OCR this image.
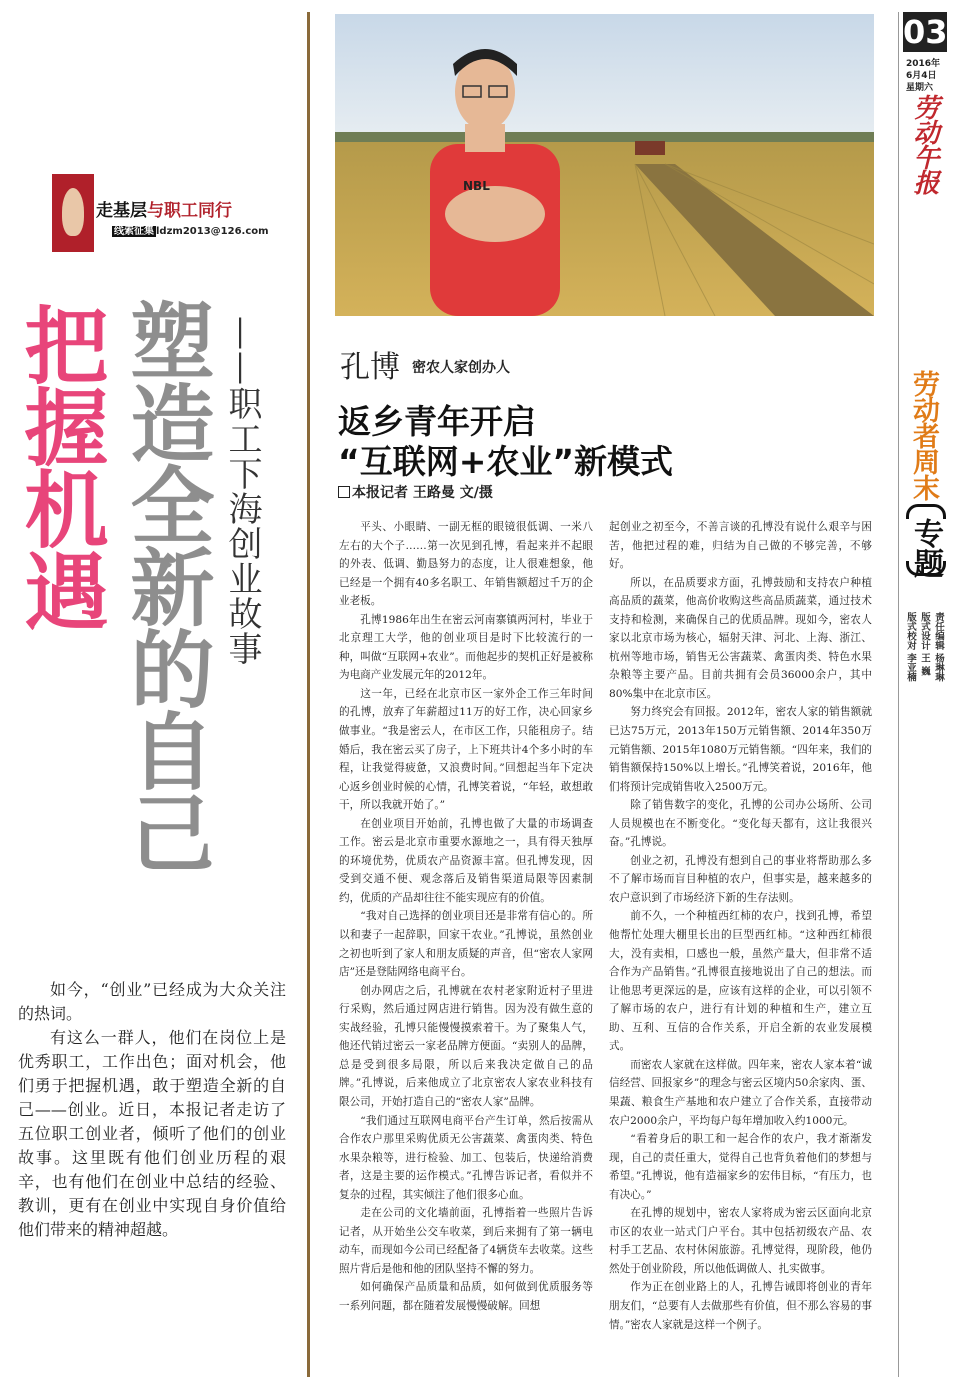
走基层与职工同行
线索征集 ldzm2013@126.com
把握机遇 塑造全新的自己 ——职工下海创业故事

如今，“创业”已经成为大众关注的热词。

有这么一群人，他们在岗位上是优秀职工，工作出色；面对机会，他们勇于把握机遇，敢于塑造全新的自己——创业。近日，本报记者走访了五位职工创业者，倾听了他们的创业故事。这里既有他们创业历程的艰辛，也有他们在创业中总结的经验、教训，更有在创业中实现自身价值给他们带来的精神超越。

NBL
孔博 密农人家创办人
返乡青年开启
“互联网+农业”新模式
本报记者 王路曼 文/摄

平头、小眼睛、一副无框的眼镜很低调、一米八左右的大个子……第一次见到孔博，看起来并不起眼的外表、低调、勤恳努力的态度，让人很难想象，他已经是一个拥有40多名职工、年销售额超过千万的企业老板。

孔博1986年出生在密云河南寨镇两河村，毕业于北京理工大学，他的创业项目是时下比较流行的一种，叫做“互联网+农业”。而他起步的契机正好是被称为电商产业发展元年的2012年。

这一年，已经在北京市区一家外企工作三年时间的孔博，放弃了年薪超过11万的好工作，决心回家乡做事业。“我是密云人，在市区工作，只能租房子。结婚后，我在密云买了房子，上下班共计4个多小时的车程，让我觉得疲惫，又浪费时间。”回想起当年下定决心返乡创业时候的心情，孔博笑着说，“年轻，敢想敢干，所以我就开始了。”

在创业项目开始前，孔博也做了大量的市场调查工作。密云是北京市重要水源地之一，具有得天独厚的环境优势，优质农产品资源丰富。但孔博发现，因受到交通不便、观念落后及销售渠道局限等因素制约，优质的产品却往往不能实现应有的价值。

“我对自己选择的创业项目还是非常有信心的。所以和妻子一起辞职，回家干农业。”孔博说，虽然创业之初也听到了家人和朋友质疑的声音，但“密农人家网店”还是登陆网络电商平台。

创办网店之后，孔博就在农村老家附近村子里进行采购，然后通过网店进行销售。因为没有做生意的实战经验，孔博只能慢慢摸索着干。为了聚集人气，他还代销过密云一家老品牌方便面。“卖别人的品牌，总是受到很多局限，所以后来我决定做自己的品牌。”孔博说，后来他成立了北京密农人家农业科技有限公司，开始打造自己的“密农人家”品牌。

“我们通过互联网电商平台产生订单，然后按需从合作农户那里采购优质无公害蔬菜、禽蛋肉类、特色水果杂粮等，进行检验、加工、包装后，快递给消费者，这是主要的运作模式。”孔博告诉记者，看似并不复杂的过程，其实倾注了他们很多心血。

走在公司的文化墙前面，孔博指着一些照片告诉记者，从开始坐公交车收菜，到后来拥有了第一辆电动车，而现如今公司已经配备了4辆货车去收菜。这些照片背后是他和他的团队坚持不懈的努力。

如何确保产品质量和品质，如何做到优质服务等一系列问题，都在随着发展慢慢破解。回想

起创业之初至今，不善言谈的孔博没有说什么艰辛与困苦，他把过程的难，归结为自己做的不够完善，不够好。

所以，在品质要求方面，孔博鼓励和支持农户种植高品质的蔬菜，他高价收购这些高品质蔬菜，通过技术支持和检测，来确保自己的优质品牌。现如今，密农人家以北京市场为核心，辐射天津、河北、上海、浙江、杭州等地市场，销售无公害蔬菜、禽蛋肉类、特色水果杂粮等主要产品。目前共拥有会员36000余户，其中80%集中在北京市区。

努力终究会有回报。2012年，密农人家的销售额就已达75万元，2013年150万元销售额、2014年350万元销售额、2015年1080万元销售额。“四年来，我们的销售额保持150%以上增长。”孔博笑着说，2016年，他们将预计完成销售收入2500万元。

除了销售数字的变化，孔博的公司办公场所、公司人员规模也在不断变化。“变化每天都有，这让我很兴奋。”孔博说。

创业之初，孔博没有想到自己的事业将帮助那么多不了解市场而盲目种植的农户，但事实是，越来越多的农户意识到了市场经济下新的生存法则。

前不久，一个种植西红柿的农户，找到孔博，希望他帮忙处理大棚里长出的巨型西红柿。“这种西红柿很大，没有卖相，口感也一般，虽然产量大，但非常不适合作为产品销售。”孔博很直接地说出了自己的想法。而让他思考更深远的是，应该有这样的企业，可以引领不了解市场的农户，进行有计划的种植和生产，建立互助、互利、互信的合作关系，开启全新的农业发展模式。

而密农人家就在这样做。四年来，密农人家本着“诚信经营、回报家乡”的理念与密云区境内50余家肉、蛋、果蔬、粮食生产基地和农户建立了合作关系，直接带动农户2000余户，平均每户每年增加收入约1000元。

“看着身后的职工和一起合作的农户，我才渐渐发现，自己的责任重大，觉得自己也背负着他们的梦想与希望。”孔博说，他有造福家乡的宏伟目标，“有压力，也有决心。”

在孔博的规划中，密农人家将成为密云区面向北京市区的农业一站式门户平台。其中包括初级农产品、农村手工艺品、农村休闲旅游。孔博觉得，现阶段，他仍然处于创业阶段，所以他低调做人、扎实做事。

作为正在创业路上的人，孔博告诫即将创业的青年朋友们，“总要有人去做那些有价值，但不那么容易的事情。”密农人家就是这样一个例子。

03
2016年
6月4日
星期六
劳动午报
劳动者周末
专题
责任编辑 杨琳琳
版式设计 王 巍
版式校对 李亚楠
